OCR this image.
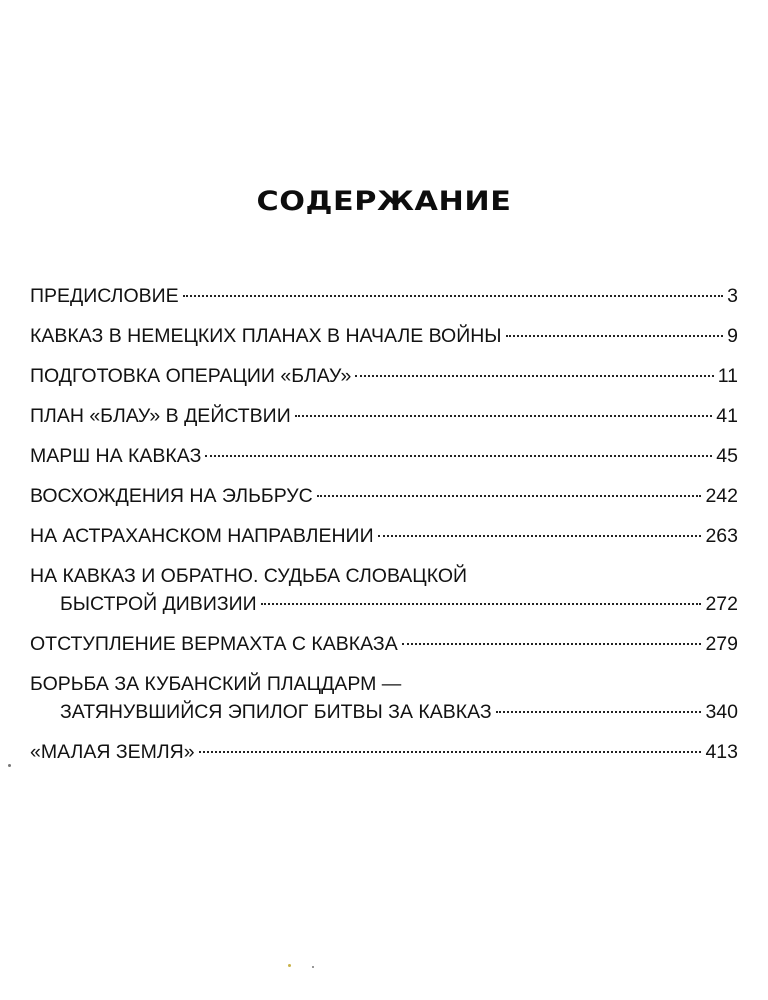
СОДЕРЖАНИЕ
ПРЕДИСЛОВИЕ	3
КАВКАЗ В НЕМЕЦКИХ ПЛАНАХ В НАЧАЛЕ ВОЙНЫ	9
ПОДГОТОВКА ОПЕРАЦИИ «БЛАУ»	11
ПЛАН «БЛАУ» В ДЕЙСТВИИ	41
МАРШ НА КАВКАЗ	45
ВОСХОЖДЕНИЯ НА ЭЛЬБРУС	242
НА АСТРАХАНСКОМ НАПРАВЛЕНИИ	263
НА КАВКАЗ И ОБРАТНО. СУДЬБА СЛОВАЦКОЙ
БЫСТРОЙ ДИВИЗИИ	272
ОТСТУПЛЕНИЕ ВЕРМАХТА С КАВКАЗА	279
БОРЬБА ЗА КУБАНСКИЙ ПЛАЦДАРМ —
ЗАТЯНУВШИЙСЯ ЭПИЛОГ БИТВЫ ЗА КАВКАЗ	340
«МАЛАЯ ЗЕМЛЯ»	413
